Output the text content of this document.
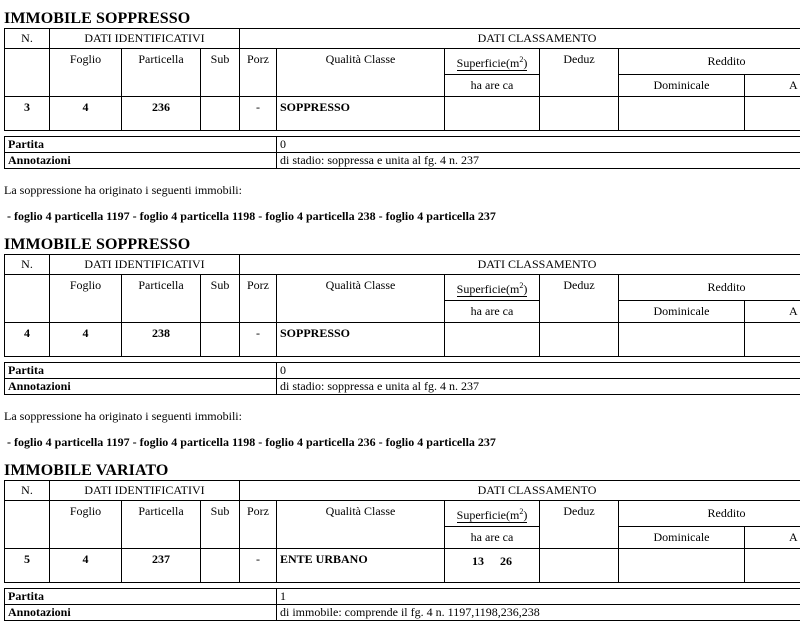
IMMOBILE SOPPRESSO
N.	DATI IDENTIFICATIVI			DATI CLASSAMENTO					
	Foglio	Particella	Sub	Porz	Qualità Classe	$Superficie(m^2)$	Deduz	Reddito	
						ha are ca		Dominicale	A
3	4	236		-	SOPPRESSO				

Partita					0				
Annotazioni					di stadio: soppressa e unita al fg. 4 n. 237				
La soppressione ha originato i seguenti immobili:
- foglio 4 particella 1197 - foglio 4 particella 1198 - foglio 4 particella 238 - foglio 4 particella 237
IMMOBILE SOPPRESSO
N.	DATI IDENTIFICATIVI			DATI CLASSAMENTO					
	Foglio	Particella	Sub	Porz	Qualità Classe	$Superficie(m^2)$	Deduz	Reddito	
						ha are ca		Dominicale	A
4	4	238		-	SOPPRESSO				

Partita					0				
Annotazioni					di stadio: soppressa e unita al fg. 4 n. 237				
La soppressione ha originato i seguenti immobili:
- foglio 4 particella 1197 - foglio 4 particella 1198 - foglio 4 particella 236 - foglio 4 particella 237
IMMOBILE VARIATO
N.	DATI IDENTIFICATIVI			DATI CLASSAMENTO					
	Foglio	Particella	Sub	Porz	Qualità Classe	$Superficie(m^2)$	Deduz	Reddito	
						ha are ca		Dominicale	A
5	4	237		-	ENTE URBANO	13 26			

Partita					1				
Annotazioni					di immobile: comprende il fg. 4 n. 1197,1198,236,238				
